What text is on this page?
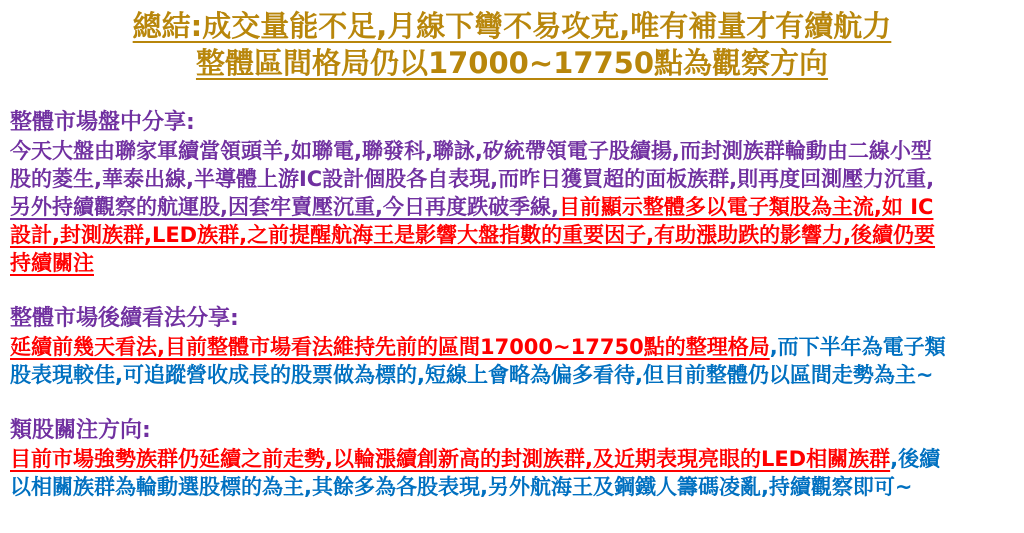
總結:成交量能不足,月線下彎不易攻克,唯有補量才有續航力
整體區間格局仍以17000~17750點為觀察方向
整體市場盤中分享:
今天大盤由聯家軍續當領頭羊,如聯電,聯發科,聯詠,矽統帶領電子股續揚,而封測族群輪動由二線小型
股的菱生,華泰出線,半導體上游IC設計個股各自表現,而昨日獲買超的面板族群,則再度回測壓力沉重,
另外持續觀察的航運股,因套牢賣壓沉重,今日再度跌破季線,目前顯示整體多以電子類股為主流,如 IC
設計,封測族群,LED族群,之前提醒航海王是影響大盤指數的重要因子,有助漲助跌的影響力,後續仍要
持續關注
整體市場後續看法分享:
延續前幾天看法,目前整體市場看法維持先前的區間17000~17750點的整理格局,而下半年為電子類
股表現較佳,可追蹤營收成長的股票做為標的,短線上會略為偏多看待,但目前整體仍以區間走勢為主~
類股關注方向:
目前市場強勢族群仍延續之前走勢,以輪漲續創新高的封測族群,及近期表現亮眼的LED相關族群,後續
以相關族群為輪動選股標的為主,其餘多為各股表現,另外航海王及鋼鐵人籌碼凌亂,持續觀察即可~
